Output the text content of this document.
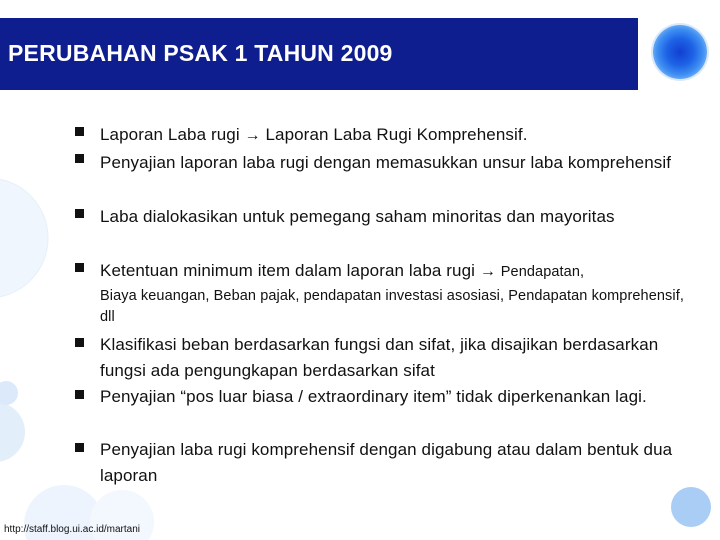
PERUBAHAN PSAK 1 TAHUN 2009
Laporan Laba rugi → Laporan Laba Rugi Komprehensif.
Penyajian laporan laba rugi dengan memasukkan unsur laba komprehensif
Laba dialokasikan untuk pemegang saham minoritas dan mayoritas
Ketentuan minimum item dalam laporan laba rugi → Pendapatan,
Biaya keuangan, Beban pajak, pendapatan investasi asosiasi, Pendapatan komprehensif, dll
Klasifikasi beban berdasarkan fungsi dan sifat, jika disajikan berdasarkan fungsi ada pengungkapan berdasarkan sifat
Penyajian “pos luar biasa / extraordinary item” tidak diperkenankan lagi.
Penyajian laba rugi komprehensif dengan digabung atau dalam bentuk dua laporan
http://staff.blog.ui.ac.id/martani
